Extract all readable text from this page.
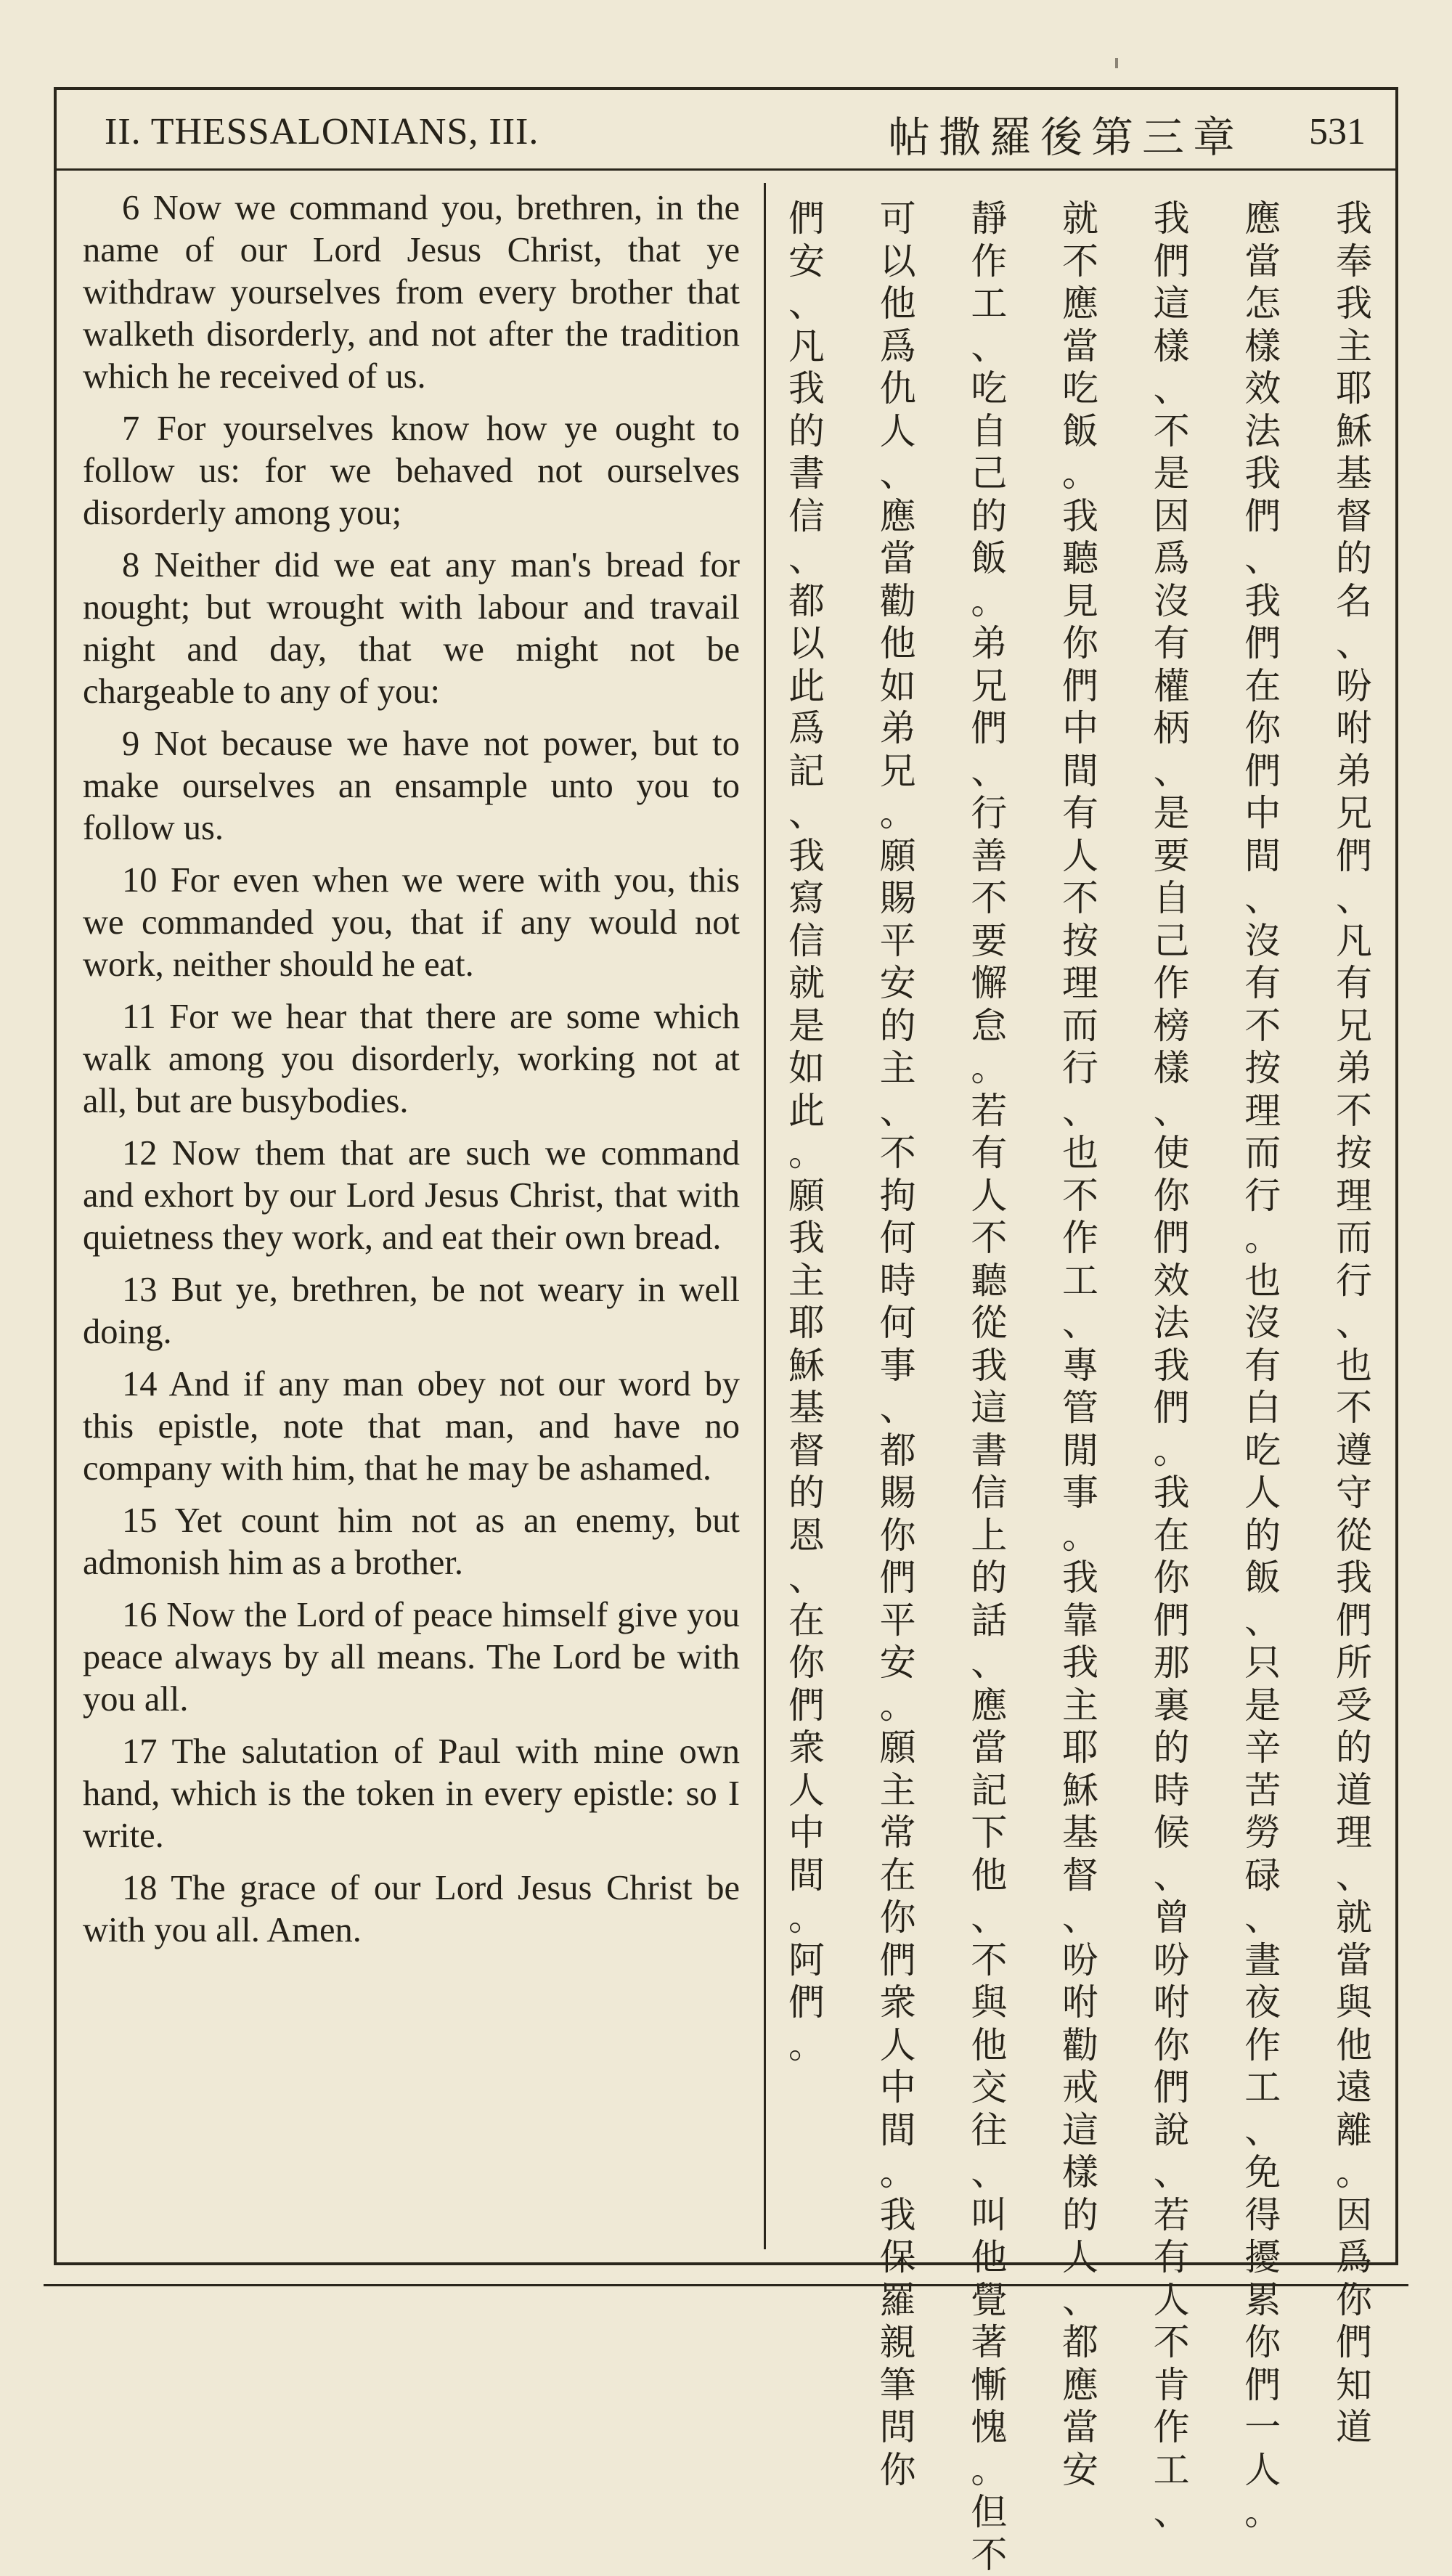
II. THESSALONIANS, III.	帖撒羅後第三章 531

6 Now we command you, brethren, in the name of our Lord Jesus Christ, that ye withdraw yourselves from every brother that walketh disorderly, and not after the tradition which he received of us.

7 For yourselves know how ye ought to follow us: for we behaved not ourselves disorderly among you;

8 Neither did we eat any man's bread for nought; but wrought with labour and travail night and day, that we might not be chargeable to any of you:

9 Not because we have not power, but to make ourselves an ensample unto you to follow us.

10 For even when we were with you, this we commanded you, that if any would not work, neither should he eat.

11 For we hear that there are some which walk among you disorderly, working not at all, but are busybodies.

12 Now them that are such we command and exhort by our Lord Jesus Christ, that with quietness they work, and eat their own bread.

13 But ye, brethren, be not weary in well doing.

14 And if any man obey not our word by this epistle, note that man, and have no company with him, that he may be ashamed.

15 Yet count him not as an enemy, but admonish him as a brother.

16 Now the Lord of peace himself give you peace always by all means. The Lord be with you all.

17 The salutation of Paul with mine own hand, which is the token in every epistle: so I write.

18 The grace of our Lord Jesus Christ be with you all. Amen.

我
奉
我
主
耶
穌
基
督
的
名
、
吩
咐
弟
兄
們
、
凡
有
兄
弟
不
按
理
而
行
、
也
不
遵
守
從
我
們
所
受
的
道
理
、
就
當
與
他
遠
離
。
因
爲
你
們
知
道
應
當
怎
樣
效
法
我
們
、
我
們
在
你
們
中
間
、
沒
有
不
按
理
而
行
。
也
沒
有
白
吃
人
的
飯
、
只
是
辛
苦
勞
碌
、
晝
夜
作
工
、
免
得
擾
累
你
們
一
人
。
我
們
這
樣
、
不
是
因
爲
沒
有
權
柄
、
是
要
自
己
作
榜
樣
、
使
你
們
效
法
我
們
。
我
在
你
們
那
裏
的
時
候
、
曾
吩
咐
你
們
說
、
若
有
人
不
肯
作
工
、
就
不
應
當
吃
飯
。
我
聽
見
你
們
中
間
有
人
不
按
理
而
行
、
也
不
作
工
、
專
管
閒
事
。
我
靠
我
主
耶
穌
基
督
、
吩
咐
勸
戒
這
樣
的
人
、
都
應
當
安
靜
作
工
、
吃
自
己
的
飯
。
弟
兄
們
、
行
善
不
要
懈
怠
。
若
有
人
不
聽
從
我
這
書
信
上
的
話
、
應
當
記
下
他
、
不
與
他
交
往
、
叫
他
覺
著
慚
愧
。
但
不
可
以
他
爲
仇
人
、
應
當
勸
他
如
弟
兄
。
願
賜
平
安
的
主
、
不
拘
何
時
何
事
、
都
賜
你
們
平
安
。
願
主
常
在
你
們
衆
人
中
間
。
我
保
羅
親
筆
問
你
們
安
、
凡
我
的
書
信
、
都
以
此
爲
記
、
我
寫
信
就
是
如
此
。
願
我
主
耶
穌
基
督
的
恩
、
在
你
們
衆
人
中
間
。
阿
們
。
